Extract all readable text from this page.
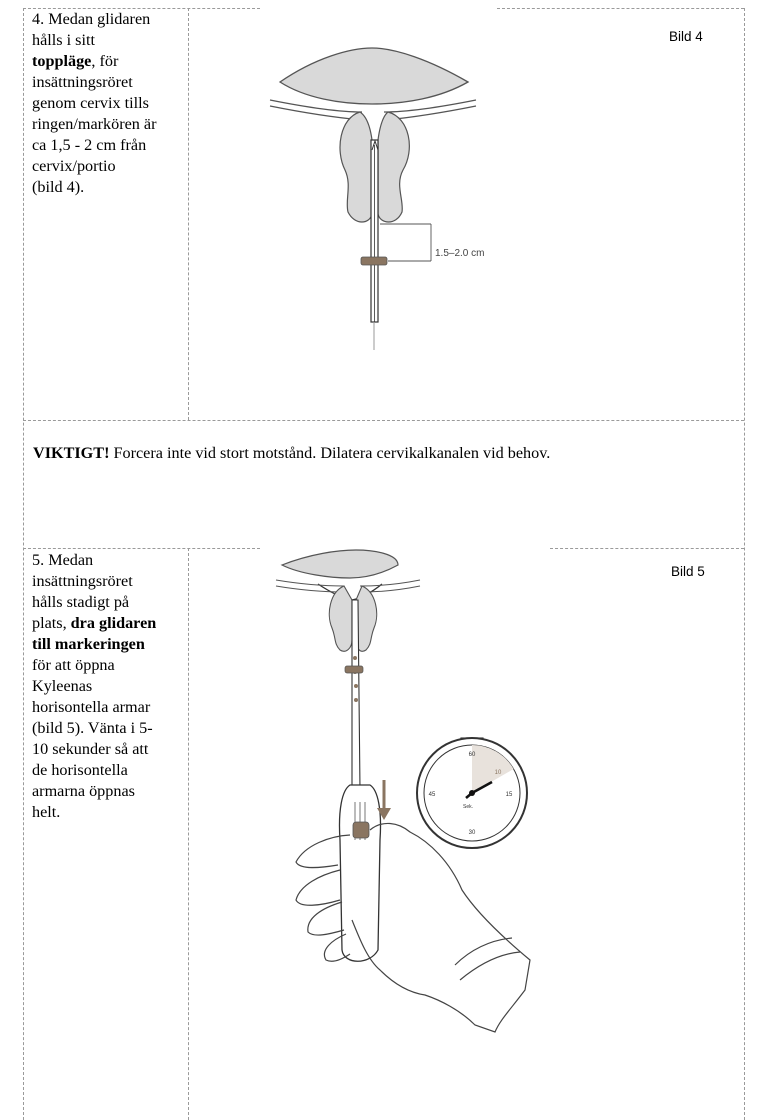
4. Medan glidaren
hålls i sitt
toppläge, för
insättningsröret
genom cervix tills
ringen/markören är
ca 1,5 - 2 cm från
cervix/portio
(bild 4).
Bild 4
1.5–2.0 cm
VIKTIGT! Forcera inte vid stort motstånd. Dilatera cervikalkanalen vid behov.
5. Medan
insättningsröret
hålls stadigt på
plats, dra glidaren
till markeringen
för att öppna
Kyleenas
horisontella armar
(bild 5). Vänta i 5-
10 sekunder så att
de horisontella
armarna öppnas
helt.
Bild 5
60
15
30
45
10
Sek.
